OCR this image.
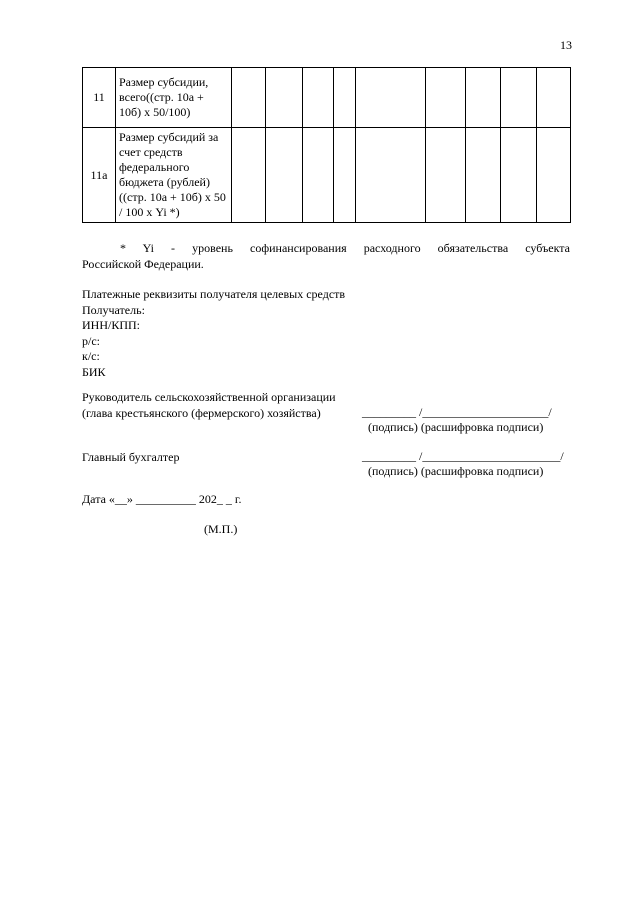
13
11	Размер субсидии, всего((стр. 10а + 10б) х 50/100)									
11а	Размер субсидий за счет средств федерального бюджета (рублей) ((стр. 10а + 10б) х 50 / 100 х Yi *)									
* Yi - уровень софинансирования расходного обязательства субъекта
Российской Федерации.
Платежные реквизиты получателя целевых средств
Получатель:
ИНН/КПП:
р/с:
к/с:
БИК
Руководитель сельскохозяйственной организации
(глава крестьянского (фермерского) хозяйства)	_________ /_____________________/
(подпись) (расшифровка подписи)
Главный бухгалтер	_________ /_______________________/
(подпись) (расшифровка подписи)
Дата «__» __________ 202_ _ г.
(М.П.)
